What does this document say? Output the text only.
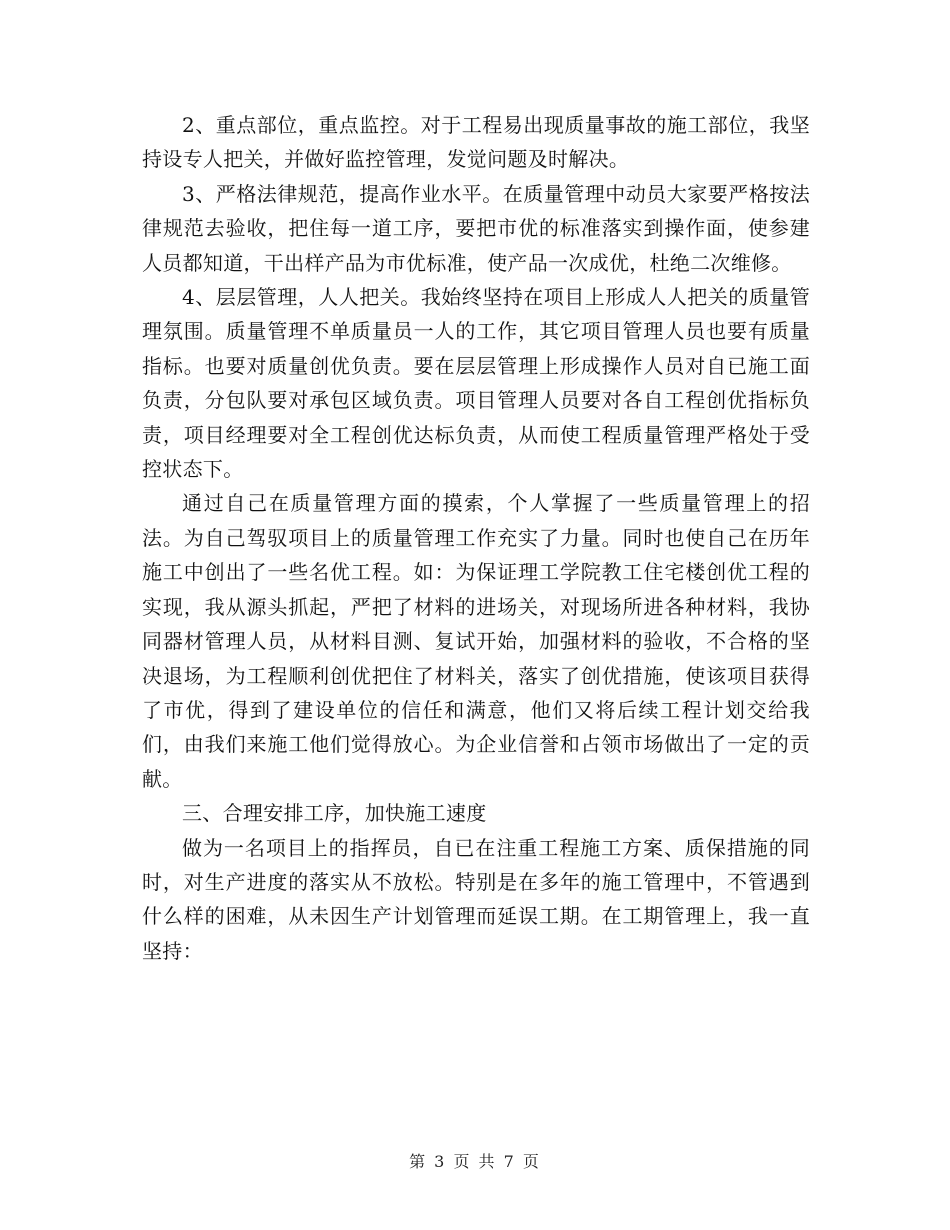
2、重点部位，重点监控。对于工程易出现质量事故的施工部位，我坚持设专人把关，并做好监控管理，发觉问题及时解决。

3、严格法律规范，提高作业水平。在质量管理中动员大家要严格按法律规范去验收，把住每一道工序，要把市优的标准落实到操作面，使参建人员都知道，干出样产品为市优标准，使产品一次成优，杜绝二次维修。

4、层层管理，人人把关。我始终坚持在项目上形成人人把关的质量管理氛围。质量管理不单质量员一人的工作，其它项目管理人员也要有质量指标。也要对质量创优负责。要在层层管理上形成操作人员对自已施工面负责，分包队要对承包区域负责。项目管理人员要对各自工程创优指标负责，项目经理要对全工程创优达标负责，从而使工程质量管理严格处于受控状态下。

通过自己在质量管理方面的摸索，个人掌握了一些质量管理上的招法。为自己驾驭项目上的质量管理工作充实了力量。同时也使自己在历年施工中创出了一些名优工程。如：为保证理工学院教工住宅楼创优工程的实现，我从源头抓起，严把了材料的进场关，对现场所进各种材料，我协同器材管理人员，从材料目测、复试开始，加强材料的验收，不合格的坚决退场，为工程顺利创优把住了材料关，落实了创优措施，使该项目获得了市优，得到了建设单位的信任和满意，他们又将后续工程计划交给我们，由我们来施工他们觉得放心。为企业信誉和占领市场做出了一定的贡献。

三、合理安排工序，加快施工速度

做为一名项目上的指挥员，自已在注重工程施工方案、质保措施的同时，对生产进度的落实从不放松。特别是在多年的施工管理中，不管遇到什么样的困难，从未因生产计划管理而延误工期。在工期管理上，我一直坚持：

第 3 页 共 7 页
